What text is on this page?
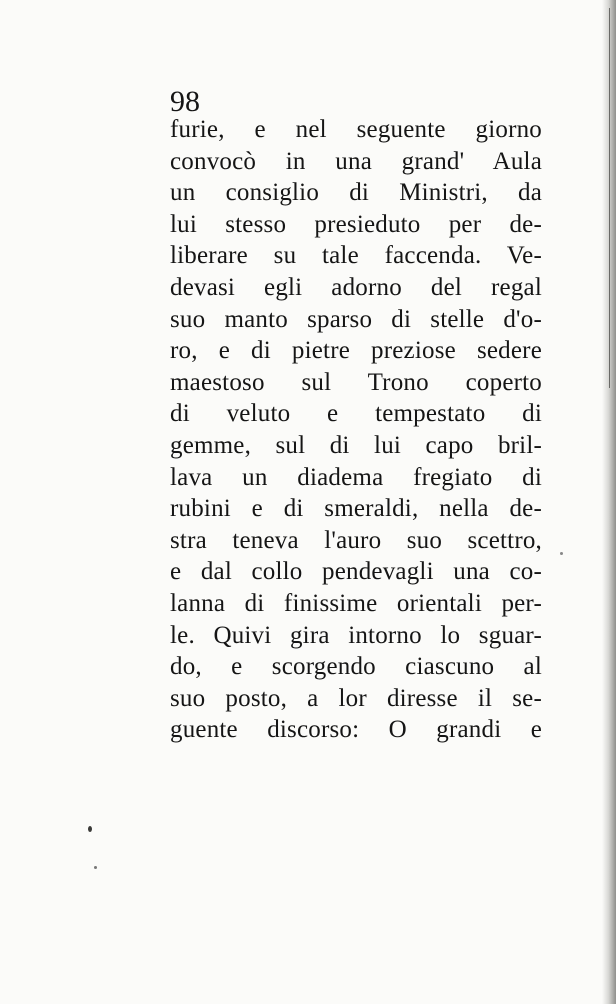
98
furie, e nel seguente giorno
convocò in una grand' Aula
un consiglio di Ministri, da
lui stesso presieduto per de-
liberare su tale faccenda. Ve-
devasi egli adorno del regal
suo manto sparso di stelle d'o-
ro, e di pietre preziose sedere
maestoso sul Trono coperto
di veluto e tempestato di
gemme, sul di lui capo bril-
lava un diadema fregiato di
rubini e di smeraldi, nella de-
stra teneva l'auro suo scettro,
e dal collo pendevagli una co-
lanna di finissime orientali per-
le. Quivi gira intorno lo sguar-
do, e scorgendo ciascuno al
suo posto, a lor diresse il se-
guente discorso: O grandi e
